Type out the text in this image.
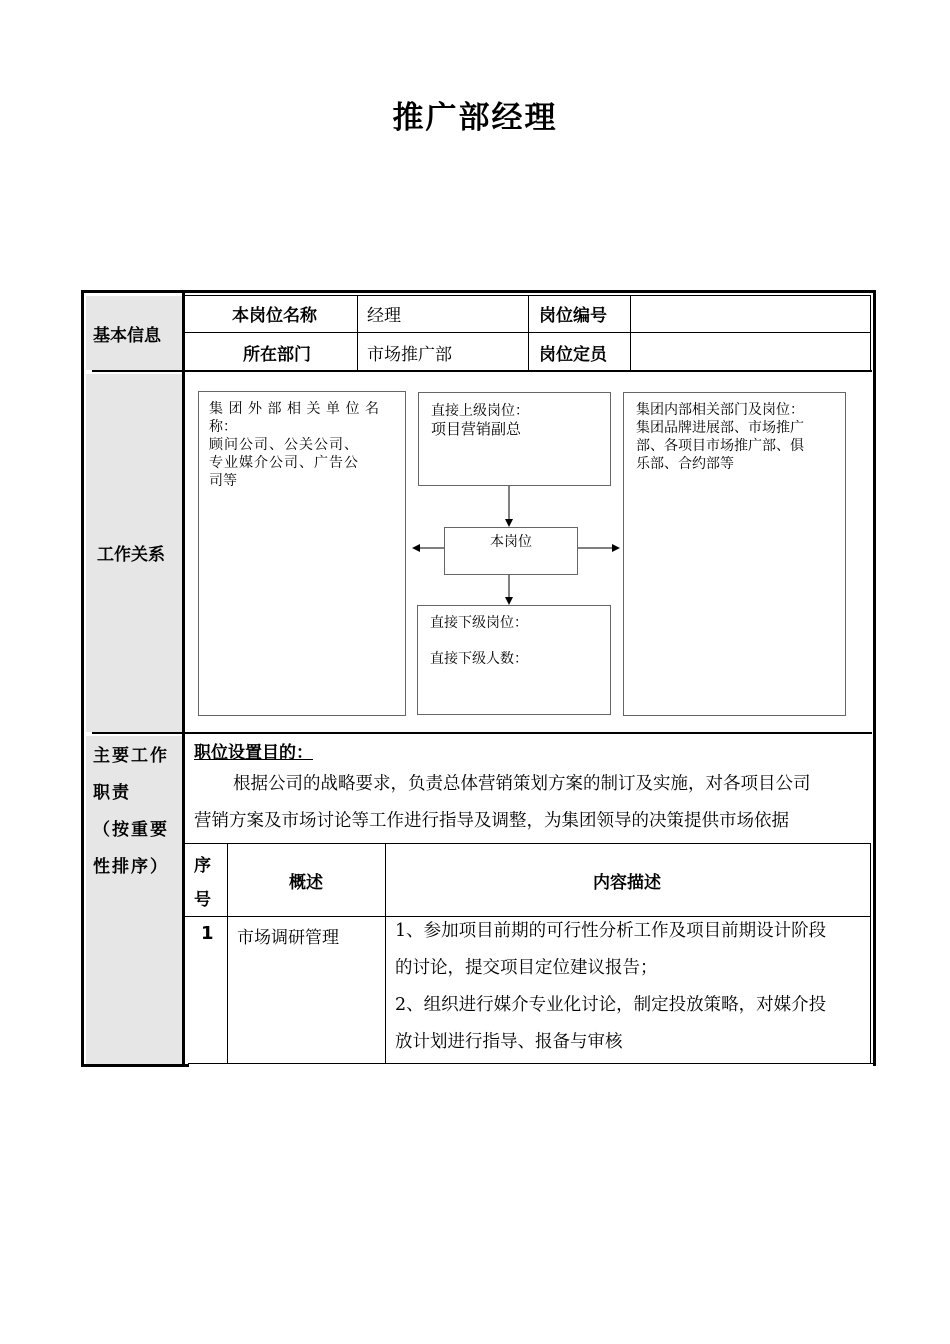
推广部经理
基本信息
本岗位名称	经理	岗位编号
所在部门	市场推广部	岗位定员
工作关系
集团外部相关单位名
称：
顾问公司、公关公司、
专业媒介公司、广告公
司等
直接上级岗位：
项目营销副总
本岗位
直接下级岗位：
直接下级人数：
集团内部相关部门及岗位：
集团品牌进展部、市场推广
部、各项目市场推广部、俱
乐部、合约部等
主要工作
职责
（按重要
性排序）
职位设置目的：
根据公司的战略要求，负责总体营销策划方案的制订及实施，对各项目公司
营销方案及市场讨论等工作进行指导及调整，为集团领导的决策提供市场依据
序
号
概述	内容描述
1 市场调研管理	1、参加项目前期的可行性分析工作及项目前期设计阶段
的讨论，提交项目定位建议报告；
2、组织进行媒介专业化讨论，制定投放策略，对媒介投
放计划进行指导、报备与审核
